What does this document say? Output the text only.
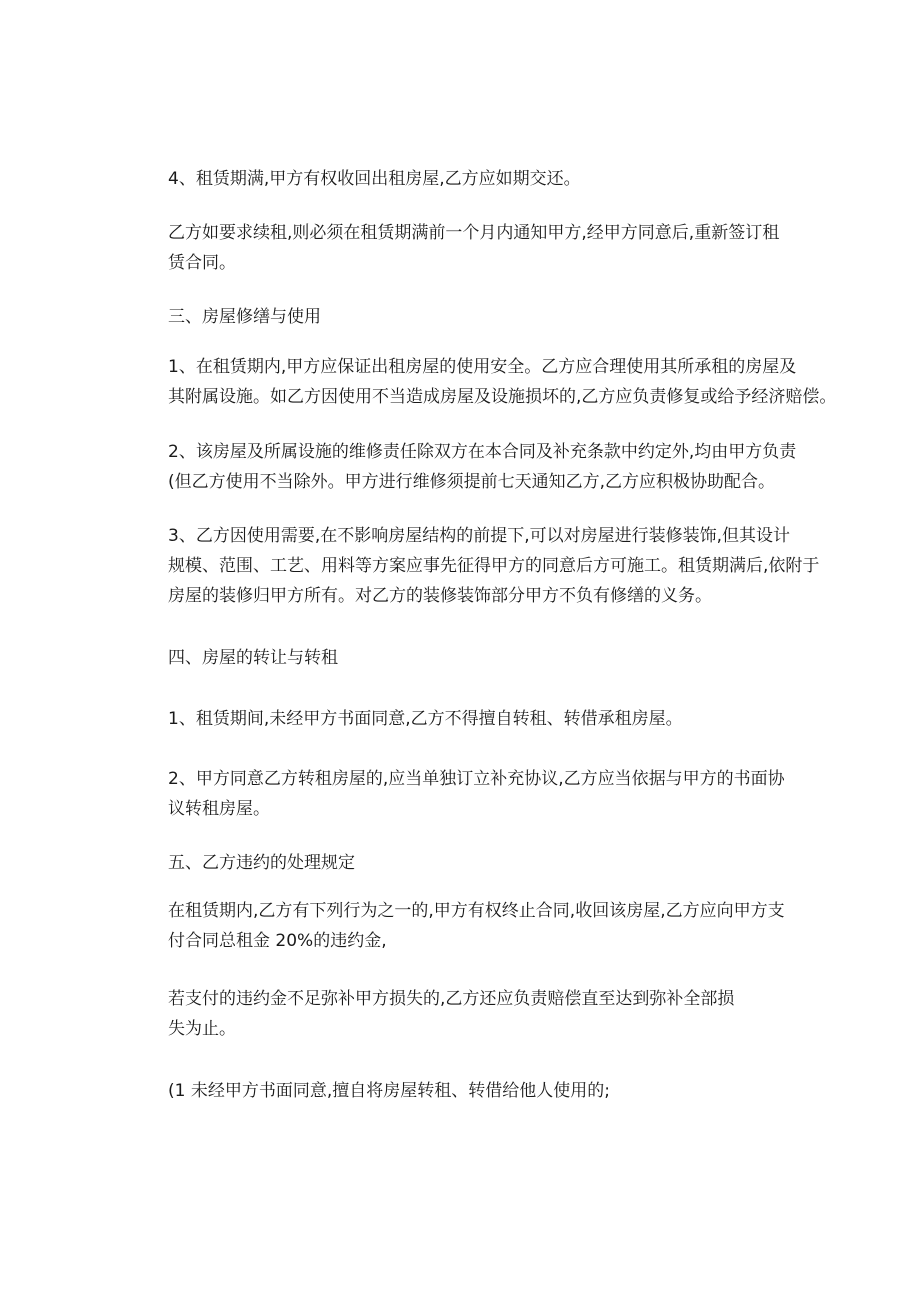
4、租赁期满,甲方有权收回出租房屋,乙方应如期交还。

乙方如要求续租,则必须在租赁期满前一个月内通知甲方,经甲方同意后,重新签订租
赁合同。

三、房屋修缮与使用

1、在租赁期内,甲方应保证出租房屋的使用安全。乙方应合理使用其所承租的房屋及
其附属设施。如乙方因使用不当造成房屋及设施损坏的,乙方应负责修复或给予经济赔偿。

2、该房屋及所属设施的维修责任除双方在本合同及补充条款中约定外,均由甲方负责
(但乙方使用不当除外。甲方进行维修须提前七天通知乙方,乙方应积极协助配合。

3、乙方因使用需要,在不影响房屋结构的前提下,可以对房屋进行装修装饰,但其设计
规模、范围、工艺、用料等方案应事先征得甲方的同意后方可施工。租赁期满后,依附于
房屋的装修归甲方所有。对乙方的装修装饰部分甲方不负有修缮的义务。

四、房屋的转让与转租

1、租赁期间,未经甲方书面同意,乙方不得擅自转租、转借承租房屋。

2、甲方同意乙方转租房屋的,应当单独订立补充协议,乙方应当依据与甲方的书面协
议转租房屋。

五、乙方违约的处理规定

在租赁期内,乙方有下列行为之一的,甲方有权终止合同,收回该房屋,乙方应向甲方支
付合同总租金 20%的违约金,

若支付的违约金不足弥补甲方损失的,乙方还应负责赔偿直至达到弥补全部损
失为止。

(1 未经甲方书面同意,擅自将房屋转租、转借给他人使用的;
